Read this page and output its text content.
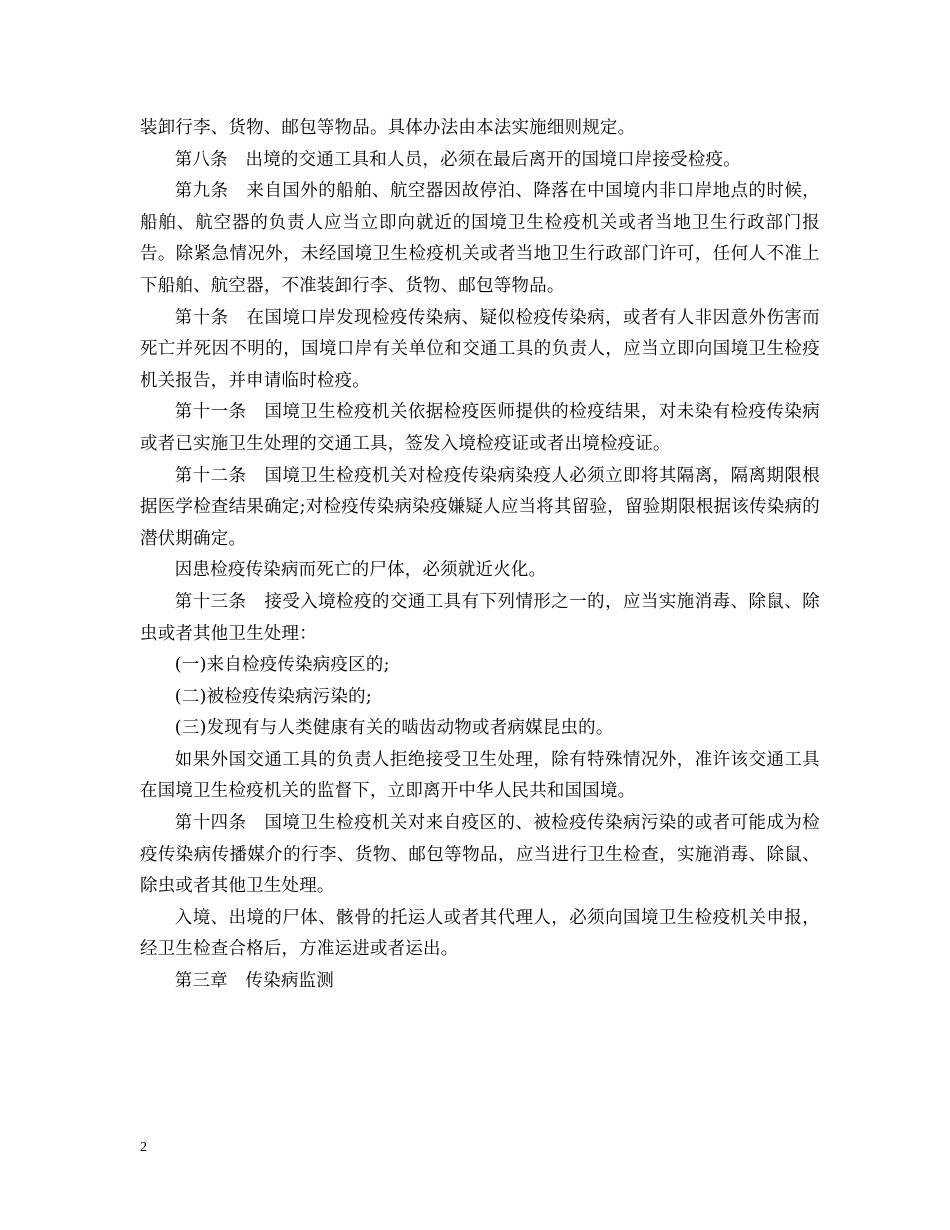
装卸行李、货物、邮包等物品。具体办法由本法实施细则规定。

第八条　出境的交通工具和人员，必须在最后离开的国境口岸接受检疫。

第九条　来自国外的船舶、航空器因故停泊、降落在中国境内非口岸地点的时候，船舶、航空器的负责人应当立即向就近的国境卫生检疫机关或者当地卫生行政部门报告。除紧急情况外，未经国境卫生检疫机关或者当地卫生行政部门许可，任何人不准上下船舶、航空器，不准装卸行李、货物、邮包等物品。

第十条　在国境口岸发现检疫传染病、疑似检疫传染病，或者有人非因意外伤害而死亡并死因不明的，国境口岸有关单位和交通工具的负责人，应当立即向国境卫生检疫机关报告，并申请临时检疫。

第十一条　国境卫生检疫机关依据检疫医师提供的检疫结果，对未染有检疫传染病或者已实施卫生处理的交通工具，签发入境检疫证或者出境检疫证。

第十二条　国境卫生检疫机关对检疫传染病染疫人必须立即将其隔离，隔离期限根据医学检查结果确定;对检疫传染病染疫嫌疑人应当将其留验，留验期限根据该传染病的潜伏期确定。

因患检疫传染病而死亡的尸体，必须就近火化。

第十三条　接受入境检疫的交通工具有下列情形之一的，应当实施消毒、除鼠、除虫或者其他卫生处理：

(一)来自检疫传染病疫区的;

(二)被检疫传染病污染的;

(三)发现有与人类健康有关的啮齿动物或者病媒昆虫的。

如果外国交通工具的负责人拒绝接受卫生处理，除有特殊情况外，准许该交通工具在国境卫生检疫机关的监督下，立即离开中华人民共和国国境。

第十四条　国境卫生检疫机关对来自疫区的、被检疫传染病污染的或者可能成为检疫传染病传播媒介的行李、货物、邮包等物品，应当进行卫生检查，实施消毒、除鼠、除虫或者其他卫生处理。

入境、出境的尸体、骸骨的托运人或者其代理人，必须向国境卫生检疫机关申报，经卫生检查合格后，方准运进或者运出。

第三章　传染病监测

2
